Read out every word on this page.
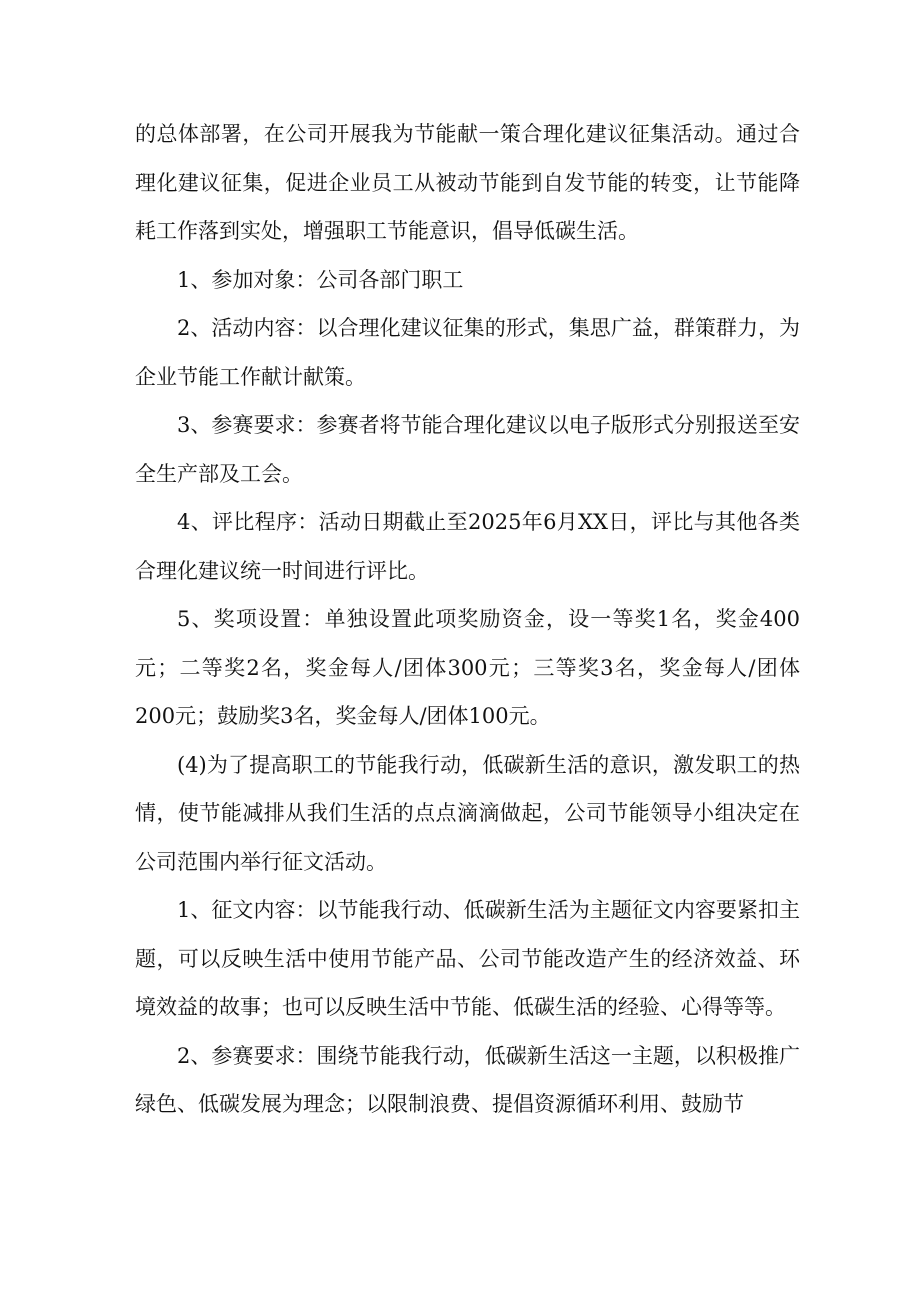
的总体部署，在公司开展我为节能献一策合理化建议征集活动。通过合理化建议征集，促进企业员工从被动节能到自发节能的转变，让节能降耗工作落到实处，增强职工节能意识，倡导低碳生活。

1、参加对象：公司各部门职工

2、活动内容：以合理化建议征集的形式，集思广益，群策群力，为企业节能工作献计献策。

3、参赛要求：参赛者将节能合理化建议以电子版形式分别报送至安全生产部及工会。

4、评比程序：活动日期截止至2025年6月XX日，评比与其他各类合理化建议统一时间进行评比。

5、奖项设置：单独设置此项奖励资金，设一等奖1名，奖金400元；二等奖2名，奖金每人/团体300元；三等奖3名，奖金每人/团体200元；鼓励奖3名，奖金每人/团体100元。

(4)为了提高职工的节能我行动，低碳新生活的意识，激发职工的热情，使节能减排从我们生活的点点滴滴做起，公司节能领导小组决定在公司范围内举行征文活动。

1、征文内容：以节能我行动、低碳新生活为主题征文内容要紧扣主题，可以反映生活中使用节能产品、公司节能改造产生的经济效益、环境效益的故事；也可以反映生活中节能、低碳生活的经验、心得等等。

2、参赛要求：围绕节能我行动，低碳新生活这一主题，以积极推广绿色、低碳发展为理念；以限制浪费、提倡资源循环利用、鼓励节
